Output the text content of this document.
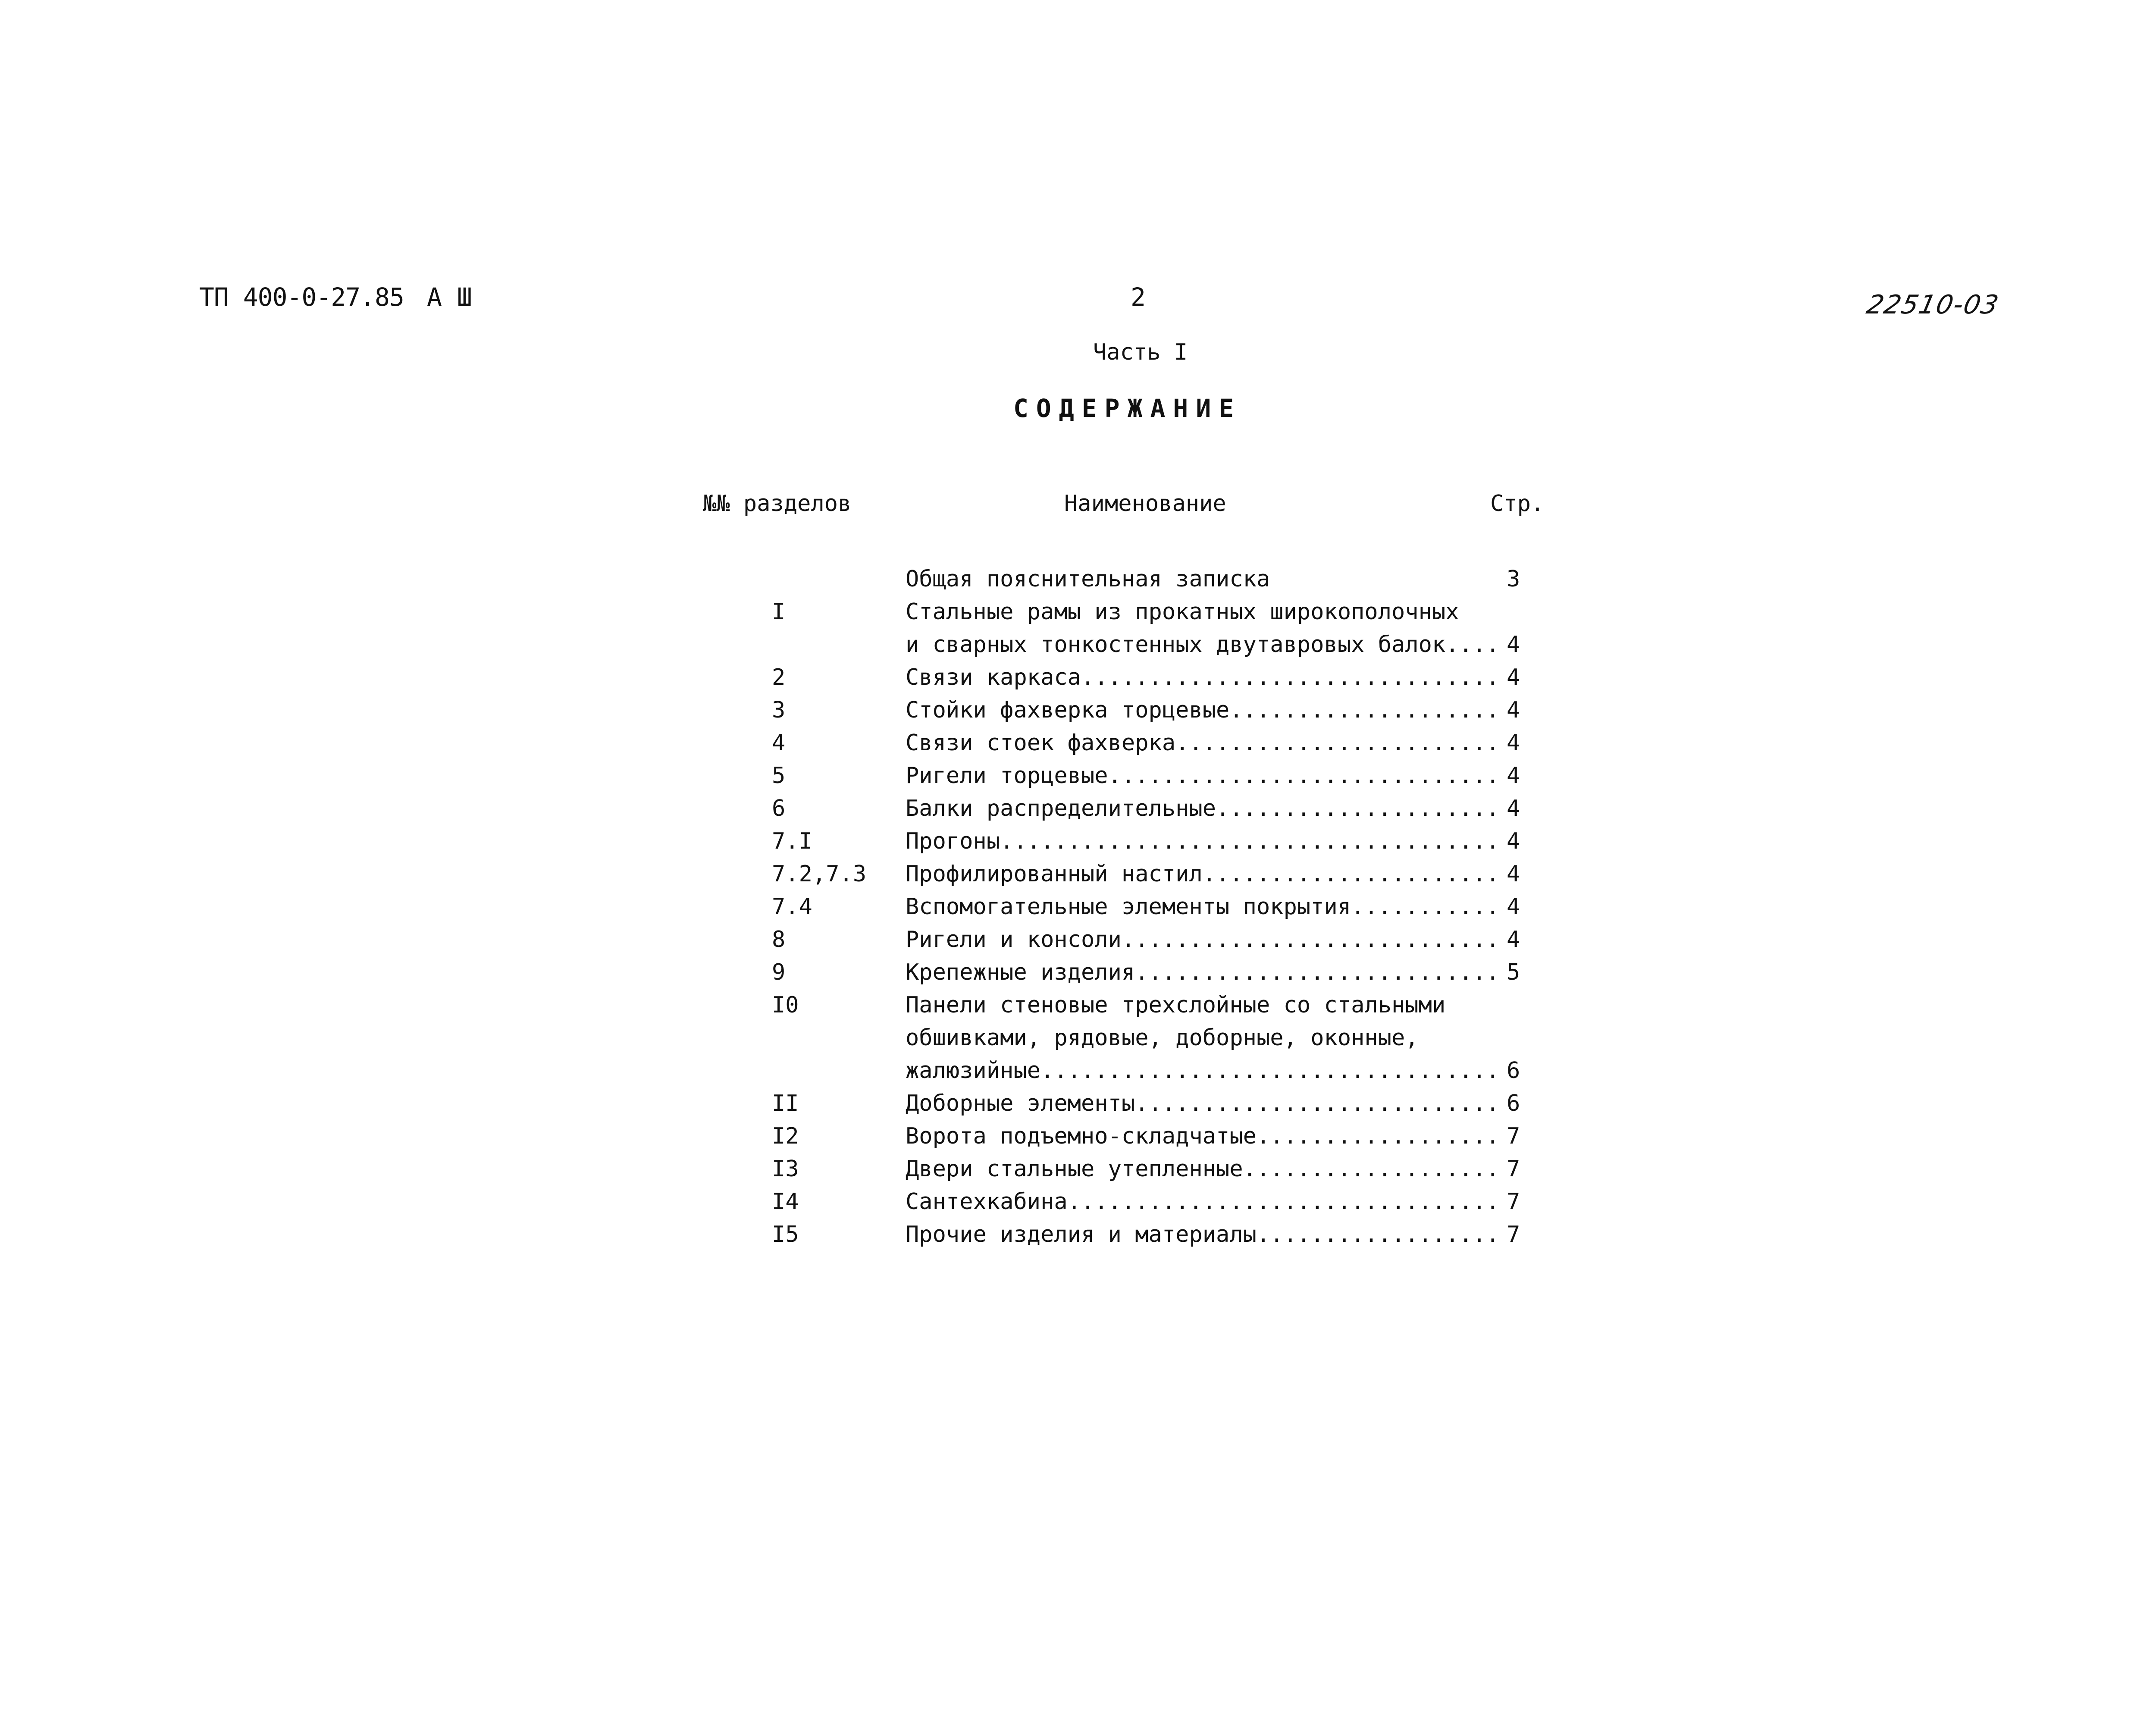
ТП 400-0-27.85 А Ш	2	22510-03
Часть I
СОДЕРЖАНИЕ
№№ разделов	Наименование	Стр.
Общая пояснительная записка	3
I	Стальные рамы из прокатных широкополочных
и сварных тонкостенных двутавровых балок.... 4
2	Связи каркаса............................... 4
3	Стойки фахверка торцевые.................... 4
4	Связи стоек фахверка........................ 4
5	Ригели торцевые............................. 4
6	Балки распределительные..................... 4
7.I	Прогоны..................................... 4
7.2,7.3 Профилированный настил...................... 4
7.4	Вспомогательные элементы покрытия........... 4
8	Ригели и консоли............................ 4
9	Крепежные изделия........................... 5
I0	Панели стеновые трехслойные со стальными
обшивками, рядовые, доборные, оконные,
жалюзийные.................................. 6
II	Доборные элементы........................... 6
I2	Ворота подъемно-складчатые.................. 7
I3	Двери стальные утепленные................... 7
I4	Сантехкабина................................ 7
I5	Прочие изделия и материалы.................. 7
